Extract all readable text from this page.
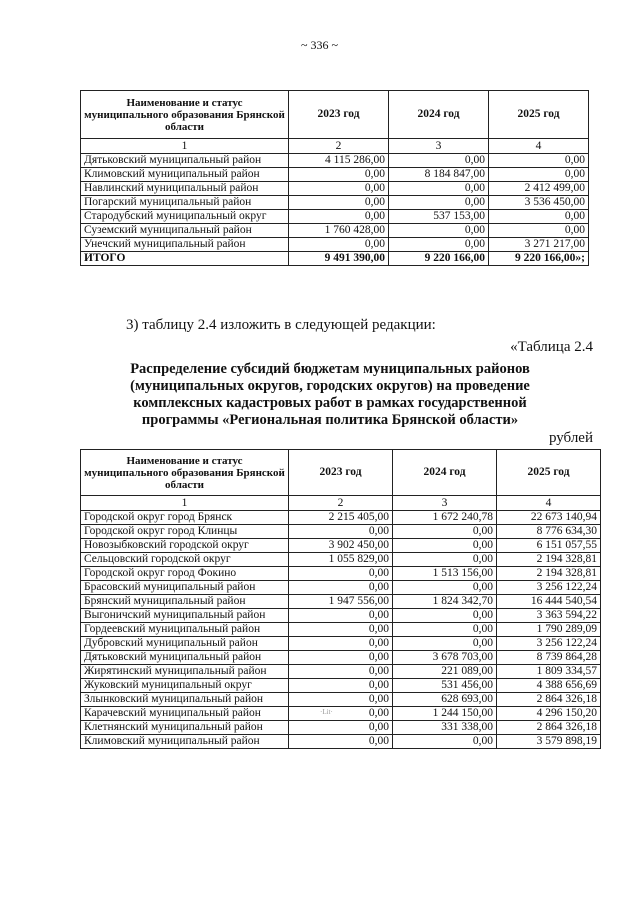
~ 336 ~
Наименование и статус муниципального образования Брянской области	2023 год	2024 год	2025 год
1	2	3	4
Дятьковский муниципальный район	4 115 286,00	0,00	0,00
Климовский муниципальный район	0,00	8 184 847,00	0,00
Навлинский муниципальный район	0,00	0,00	2 412 499,00
Погарский муниципальный район	0,00	0,00	3 536 450,00
Стародубский муниципальный округ	0,00	537 153,00	0,00
Суземский муниципальный район	1 760 428,00	0,00	0,00
Унечский муниципальный район	0,00	0,00	3 271 217,00
ИТОГО	9 491 390,00	9 220 166,00	9 220 166,00»;
3) таблицу 2.4 изложить в следующей редакции:
«Таблица 2.4
Распределение субсидий бюджетам муниципальных районов (муниципальных округов, городских округов) на проведение комплексных кадастровых работ в рамках государственной программы «Региональная политика Брянской области»
рублей
Наименование и статус муниципального образования Брянской области	2023 год	2024 год	2025 год
1	2	3	4
Городской округ город Брянск	2 215 405,00	1 672 240,78	22 673 140,94
Городской округ город Клинцы	0,00	0,00	8 776 634,30
Новозыбковский городской округ	3 902 450,00	0,00	6 151 057,55
Сельцовский городской округ	1 055 829,00	0,00	2 194 328,81
Городской округ город Фокино	0,00	1 513 156,00	2 194 328,81
Брасовский муниципальный район	0,00	0,00	3 256 122,24
Брянский муниципальный район	1 947 556,00	1 824 342,70	16 444 540,54
Выгоничский муниципальный район	0,00	0,00	3 363 594,22
Гордеевский муниципальный район	0,00	0,00	1 790 289,09
Дубровский муниципальный район	0,00	0,00	3 256 122,24
Дятьковский муниципальный район	0,00	3 678 703,00	8 739 864,28
Жирятинский муниципальный район	0,00	221 089,00	1 809 334,57
Жуковский муниципальный округ	0,00	531 456,00	4 388 656,69
Злынковский муниципальный район	0,00	628 693,00	2 864 326,18
Карачевский муниципальный район	0,00	1 244 150,00	4 296 150,20
Клетнянский муниципальный район	0,00	331 338,00	2 864 326,18
Климовский муниципальный район	0,00	0,00	3 579 898,19
·Lit·
